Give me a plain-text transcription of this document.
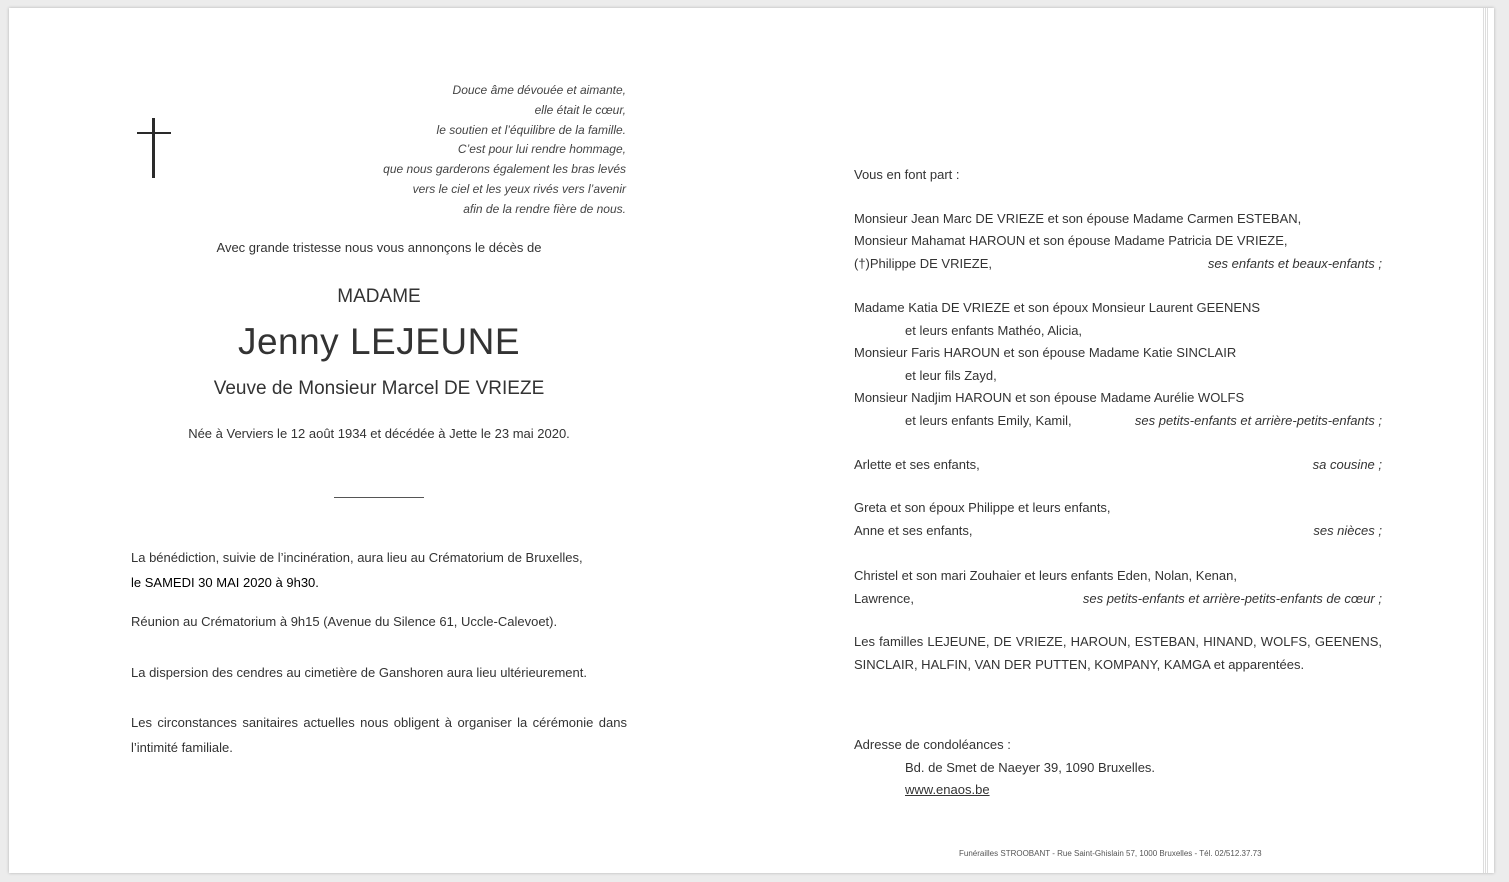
Douce âme dévouée et aimante,
elle était le cœur,
le soutien et l’équilibre de la famille.
C’est pour lui rendre hommage,
que nous garderons également les bras levés
vers le ciel et les yeux rivés vers l’avenir
afin de la rendre fière de nous.

Avec grande tristesse nous vous annonçons le décès de

MADAME

Jenny LEJEUNE

Veuve de Monsieur Marcel DE VRIEZE

Née à Verviers le 12 août 1934 et décédée à Jette le 23 mai 2020.

La bénédiction, suivie de l’incinération, aura lieu au Crématorium de Bruxelles,

le SAMEDI 30 MAI 2020 à 9h30.

Réunion au Crématorium à 9h15 (Avenue du Silence 61, Uccle-Calevoet).

La dispersion des cendres au cimetière de Ganshoren aura lieu ultérieurement.

Les circonstances sanitaires actuelles nous obligent à organiser la cérémonie dans l’intimité familiale.

Vous en font part :

Monsieur Jean Marc DE VRIEZE et son épouse Madame Carmen ESTEBAN,
Monsieur Mahamat HAROUN et son épouse Madame Patricia DE VRIEZE,
(†)Philippe DE VRIEZE,	ses enfants et beaux-enfants ;
Madame Katia DE VRIEZE et son époux Monsieur Laurent GEENENS
et leurs enfants Mathéo, Alicia,
Monsieur Faris HAROUN et son épouse Madame Katie SINCLAIR
et leur fils Zayd,
Monsieur Nadjim HAROUN et son épouse Madame Aurélie WOLFS
et leurs enfants Emily, Kamil,	ses petits-enfants et arrière-petits-enfants ;
Arlette et ses enfants,	sa cousine ;
Greta et son époux Philippe et leurs enfants,
Anne et ses enfants,	ses nièces ;
Christel et son mari Zouhaier et leurs enfants Eden, Nolan, Kenan,
Lawrence,	ses petits-enfants et arrière-petits-enfants de cœur ;

Les familles LEJEUNE, DE VRIEZE, HAROUN, ESTEBAN, HINAND, WOLFS, GEENENS, SINCLAIR, HALFIN, VAN DER PUTTEN, KOMPANY, KAMGA et apparentées.

Adresse de condoléances :

Bd. de Smet de Naeyer 39, 1090 Bruxelles.

www.enaos.be
Funérailles STROOBANT - Rue Saint-Ghislain 57, 1000 Bruxelles - Tél. 02/512.37.73
